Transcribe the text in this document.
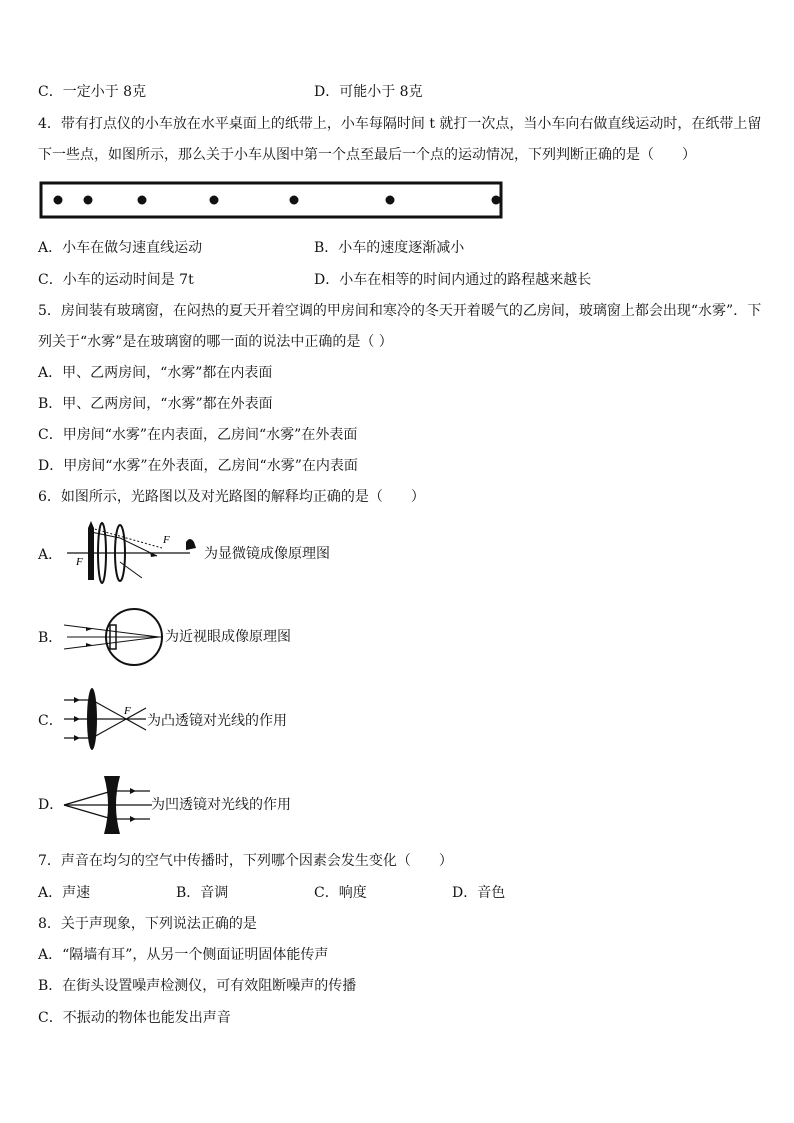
C．一定小于 8克	D．可能小于 8克
4．带有打点仪的小车放在水平桌面上的纸带上，小车每隔时间 t 就打一次点，当小车向右做直线运动时，在纸带上留
下一些点，如图所示，那么关于小车从图中第一个点至最后一个点的运动情况，下列判断正确的是（　　）
A．小车在做匀速直线运动	B．小车的速度逐渐减小
C．小车的运动时间是 7t	D．小车在相等的时间内通过的路程越来越长
5．房间装有玻璃窗，在闷热的夏天开着空调的甲房间和寒冷的冬天开着暖气的乙房间，玻璃窗上都会出现“水雾”．下
列关于“水雾”是在玻璃窗的哪一面的说法中正确的是（ ）
A．甲、乙两房间，“水雾”都在内表面
B．甲、乙两房间，“水雾”都在外表面
C．甲房间“水雾”在内表面，乙房间“水雾”在外表面
D．甲房间“水雾”在外表面，乙房间“水雾”在内表面
6．如图所示，光路图以及对光路图的解释均正确的是（　　）
A． F
F
为显微镜成像原理图
B．	为近视眼成像原理图
C．
F
为凸透镜对光线的作用
D．	为凹透镜对光线的作用
7．声音在均匀的空气中传播时，下列哪个因素会发生变化（　　）
A．声速	B．音调	C．响度	D．音色
8．关于声现象，下列说法正确的是
A．“隔墙有耳”，从另一个侧面证明固体能传声
B．在街头设置噪声检测仪，可有效阻断噪声的传播
C．不振动的物体也能发出声音
